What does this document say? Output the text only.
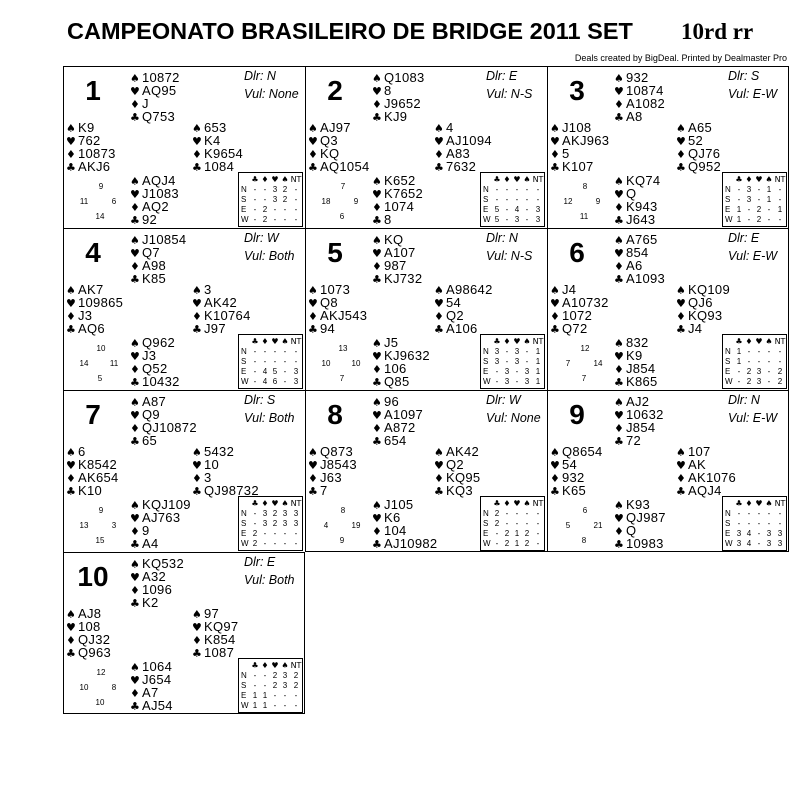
CAMPEONATO BRASILEIRO DE BRIDGE 2011 SET 10rd rr
Deals created by BigDeal. Printed by Dealmaster Pro
1	Dlr: N
Vul: None
♠ 10872
♥ AQ95
♦ J
♣ Q753
♠ K9
♥ 762
♦ 10873
♣ AKJ6
♠ 653
♥ K4
♦ K9654
♣ 1084
♠ AQJ4
♥ J1083
♦ AQ2
♣ 92
9
11	6
14
♣ ♦ ♥ ♠ NT
N - - 3 2 -
S - - 3 2 -
E - 2 - -	-
W - 2 - -	-
2	Dlr: E
Vul: N-S
♠ Q1083
♥ 8
♦ J9652
♣ KJ9
♠ AJ97
♥ Q3
♦ KQ
♣ AQ1054
♠ 4
♥ AJ1094
♦ A83
♣ 7632
♠ K652
♥ K7652
♦ 1074
♣ 8
7
18	9
6
♣ ♦ ♥ ♠ NT
N - - - -	-
S - - - -	-
E 5 - 4 - 3
W 5 - 3 - 3
3	Dlr: S
Vul: E-W
♠ 932
♥ 10874
♦ A1082
♣ A8
♠ J108
♥ AKJ963
♦ 5
♣ K107
♠ A65
♥ 52
♦ QJ76
♣ Q952
♠ KQ74
♥ Q
♦ K943
♣ J643
8
12	9
11
♣ ♦ ♥ ♠ NT
N - 3 - 1 -
S - 3 - 1 -
E 1 - 2 - 1
W 1 - 2 -	-
4	Dlr: W
Vul: Both
♠ J10854
♥ Q7
♦ A98
♣ K85
♠ AK7
♥ 109865
♦ J3
♣ AQ6
♠ 3
♥ AK42
♦ K10764
♣ J97
♠ Q962
♥ J3
♦ Q52
♣ 10432
10
14	11
5
♣ ♦ ♥ ♠ NT
N - - - -	-
S - - - -	-
E - 4 5 - 3
W - 4 6 - 3
5	Dlr: N
Vul: N-S
♠ KQ
♥ A107
♦ 987
♣ KJ732
♠ 1073
♥ Q8
♦ AKJ543
♣ 94
♠ A98642
♥ 54
♦ Q2
♣ A106
♠ J5
♥ KJ9632
♦ 106
♣ Q85
13
10	10
7
♣ ♦ ♥ ♠ NT
N 3 - 3 - 1
S 3 - 3 - 1
E - 3 - 3 1
W - 3 - 3 1
6	Dlr: E
Vul: E-W
♠ A765
♥ 854
♦ A6
♣ A1093
♠ J4
♥ A10732
♦ 1072
♣ Q72
♠ KQ109
♥ QJ6
♦ KQ93
♣ J4
♠ 832
♥ K9
♦ J854
♣ K865
12
7	14
7
♣ ♦ ♥ ♠ NT
N 1 - - -	-
S 1 - - -	-
E - 2 3 - 2
W - 2 3 - 2
7	Dlr: S
Vul: Both
♠ A87
♥ Q9
♦ QJ10872
♣ 65
♠ 6
♥ K8542
♦ AK654
♣ K10
♠ 5432
♥ 10
♦ 3
♣ QJ98732
♠ KQJ109
♥ AJ763
♦ 9
♣ A4
9
13	3
15
♣ ♦ ♥ ♠ NT
N - 3 2 3 3
S - 3 2 3 3
E 2 - - -	-
W 2 - - -	-
8	Dlr: W
Vul: None
♠ 96
♥ A1097
♦ A872
♣ 654
♠ Q873
♥ J8543
♦ J63
♣ 7
♠ AK42
♥ Q2
♦ KQ95
♣ KQ3
♠ J105
♥ K6
♦ 104
♣ AJ10982
8
4	19
9
♣ ♦ ♥ ♠ NT
N 2 - - -	-
S 2 - - -	-
E - 2 1 2 -
W - 2 1 2 -
9	Dlr: N
Vul: E-W
♠ AJ2
♥ 10632
♦ J854
♣ 72
♠ Q8654
♥ 54
♦ 932
♣ K65
♠ 107
♥ AK
♦ AK1076
♣ AQJ4
♠ K93
♥ QJ987
♦ Q
♣ 10983
6
5	21
8
♣ ♦ ♥ ♠ NT
N - - - -	-
S - - - -	-
E 3 4 - 3 3
W 3 4 - 3 3
10	Dlr: E
Vul: Both
♠ KQ532
♥ A32
♦ 1096
♣ K2
♠ AJ8
♥ 108
♦ QJ32
♣ Q963
♠ 97
♥ KQ97
♦ K854
♣ 1087
♠ 1064
♥ J654
♦ A7
♣ AJ54
12
10	8
10
♣ ♦ ♥ ♠ NT
N - - 2 3 2
S - - 2 3 2
E 1 1 - -	-
W 1 1 - -	-
